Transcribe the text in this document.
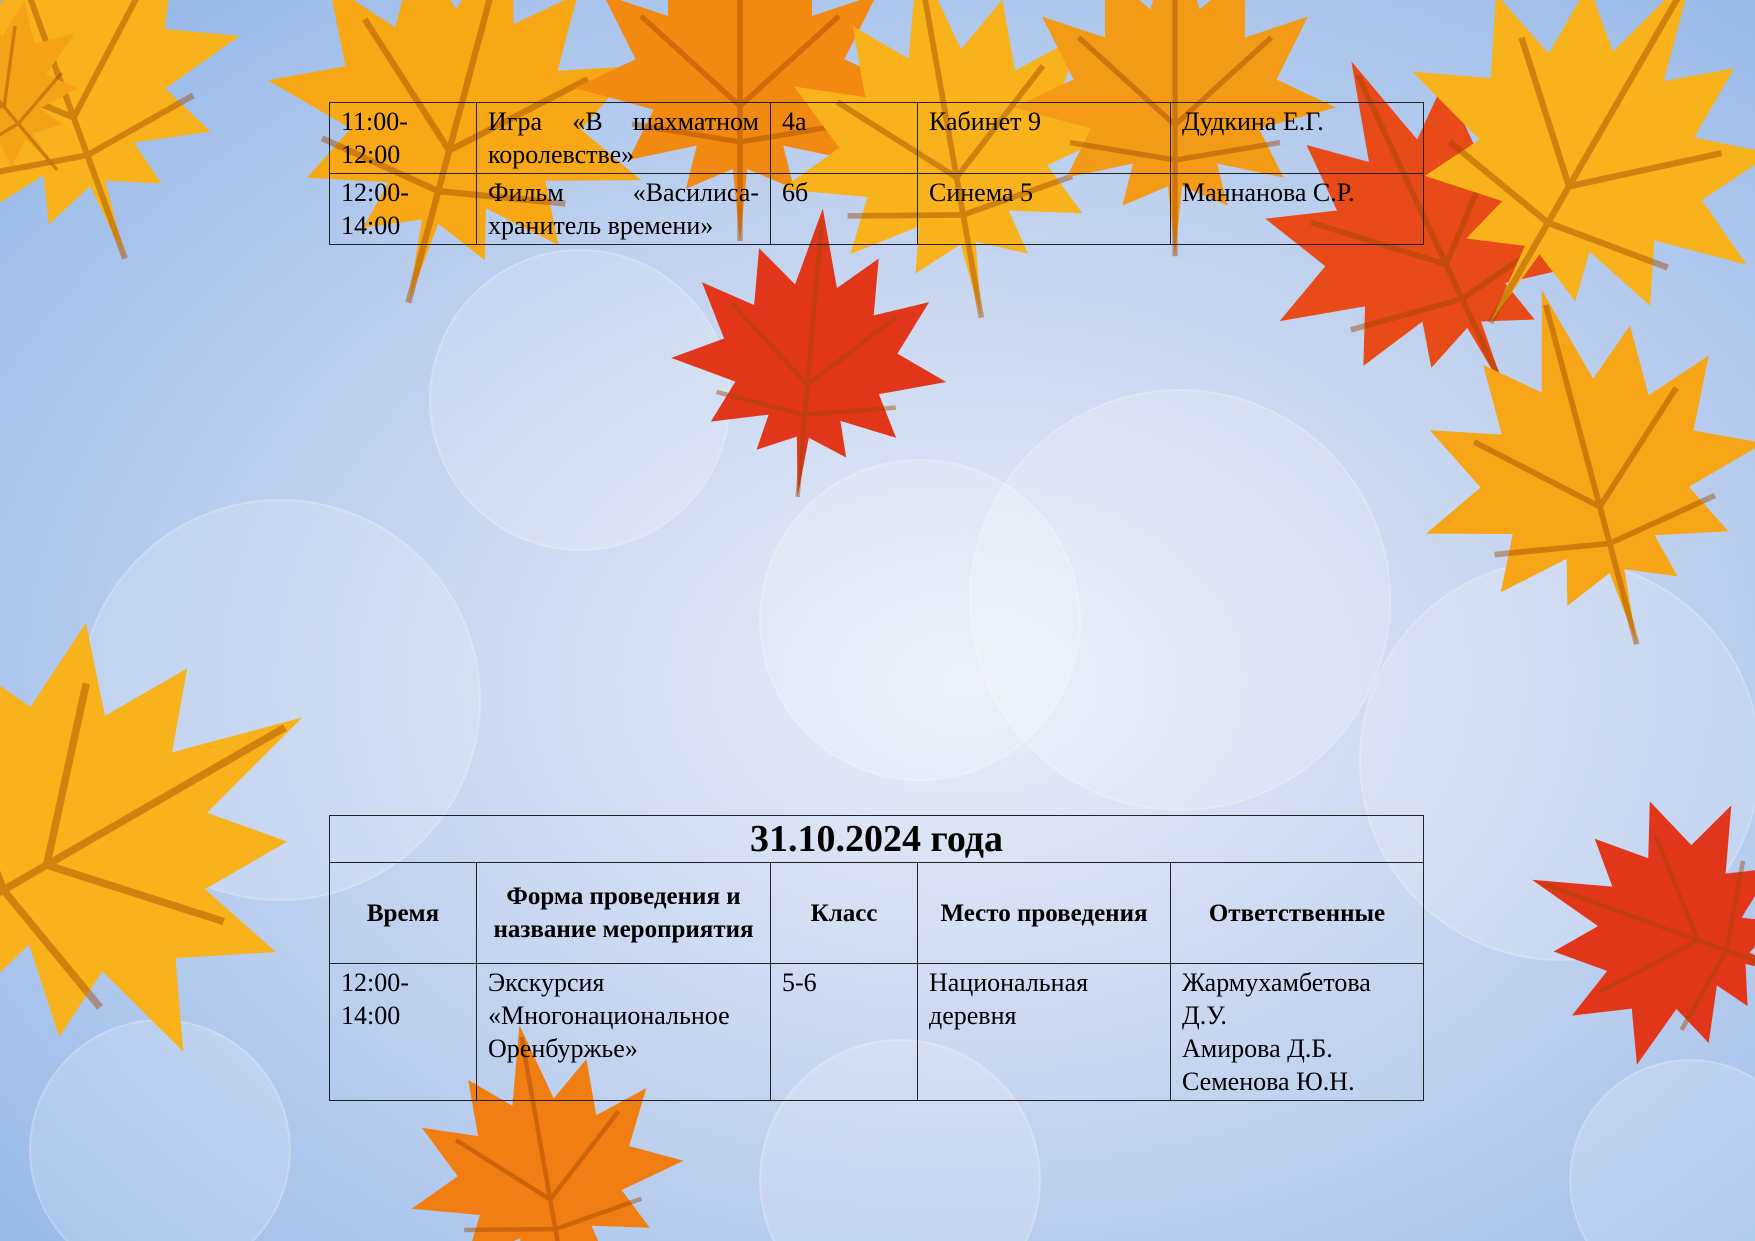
11:00-12:00	Игра «В шахматном королевстве»	4а	Кабинет 9	Дудкина Е.Г.
12:00-14:00	Фильм «Василиса-хранитель времени»	6б	Синема 5	Маннанова С.Р.
31.10.2024 года				
Время	Форма проведения и название мероприятия	Класс	Место проведения	Ответственные
12:00-14:00	Экскурсия «Многонациональное Оренбуржье»	5-6	Национальная деревня	Жармухамбетова Д.У.
Амирова Д.Б.
Семенова Ю.Н.
